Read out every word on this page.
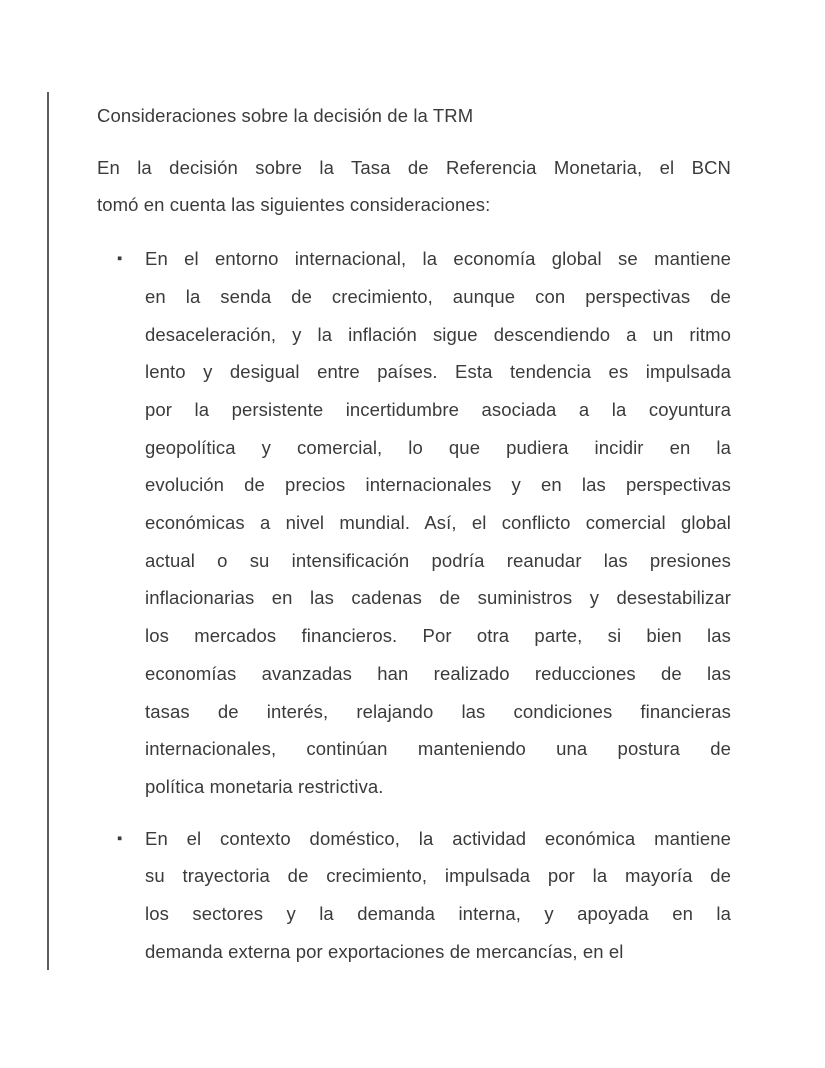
Consideraciones sobre la decisión de la TRM
En la decisión sobre la Tasa de Referencia Monetaria, el BCN
tomó en cuenta las siguientes consideraciones:
▪ En el entorno internacional, la economía global se mantiene
en la senda de crecimiento, aunque con perspectivas de
desaceleración, y la inflación sigue descendiendo a un ritmo
lento y desigual entre países. Esta tendencia es impulsada
por la persistente incertidumbre asociada a la coyuntura
geopolítica y comercial, lo que pudiera incidir en la
evolución de precios internacionales y en las perspectivas
económicas a nivel mundial. Así, el conflicto comercial global
actual o su intensificación podría reanudar las presiones
inflacionarias en las cadenas de suministros y desestabilizar
los mercados financieros. Por otra parte, si bien las
economías avanzadas han realizado reducciones de las
tasas de interés, relajando las condiciones financieras
internacionales, continúan manteniendo una postura de
política monetaria restrictiva.
▪ En el contexto doméstico, la actividad económica mantiene
su trayectoria de crecimiento, impulsada por la mayoría de
los sectores y la demanda interna, y apoyada en la
demanda externa por exportaciones de mercancías, en el
